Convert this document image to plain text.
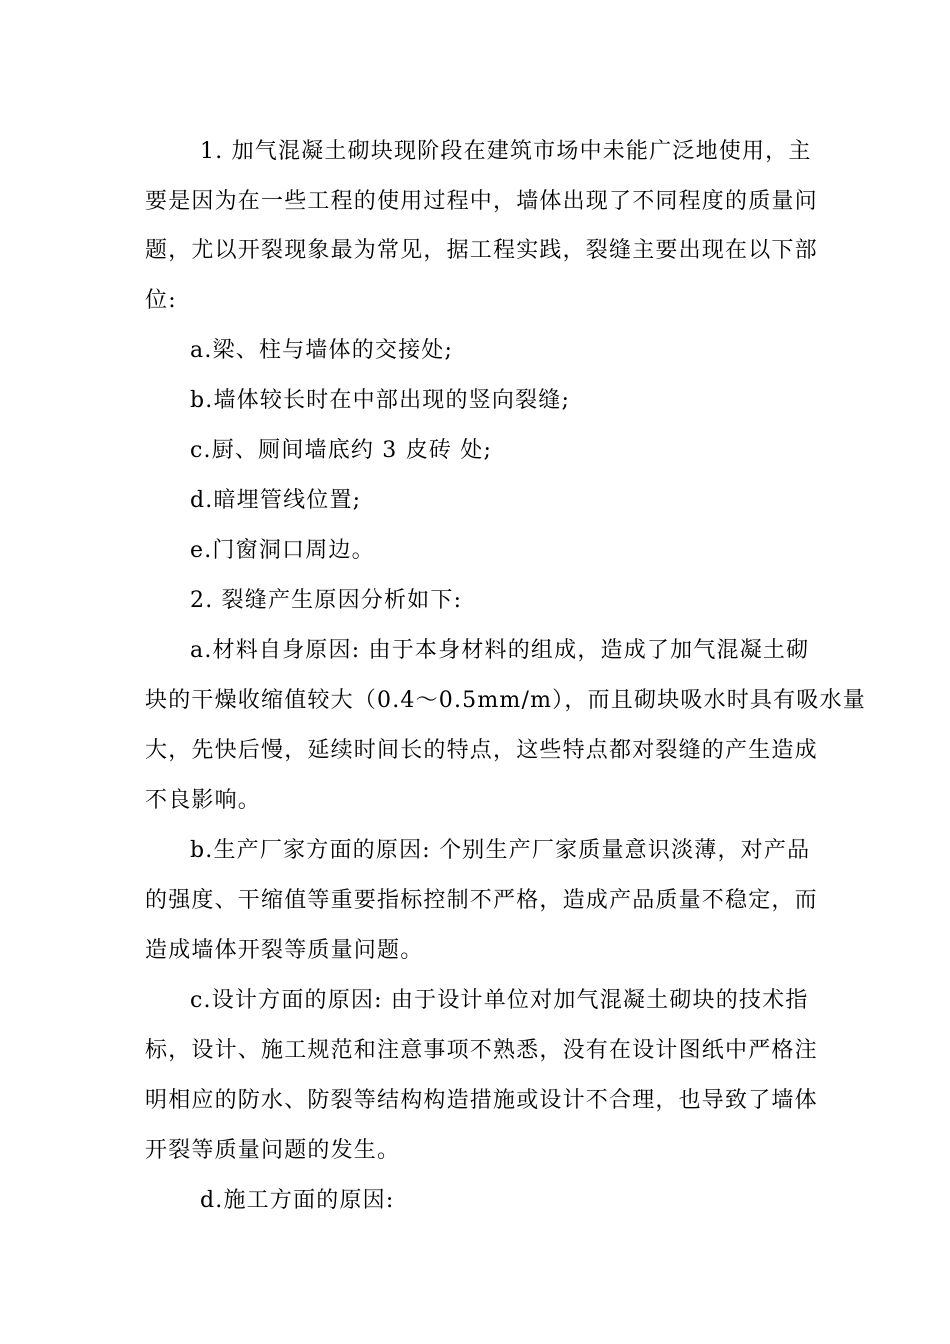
1. 加气混凝土砌块现阶段在建筑市场中未能广泛地使用，主
要是因为在一些工程的使用过程中，墙体出现了不同程度的质量问
题，尤以开裂现象最为常见，据工程实践，裂缝主要出现在以下部
位:
a.梁、柱与墙体的交接处;
b.墙体较长时在中部出现的竖向裂缝;
c.厨、厕间墙底约 3 皮砖 处;
d.暗埋管线位置;
e.门窗洞口周边。
2. 裂缝产生原因分析如下:
a.材料自身原因: 由于本身材料的组成，造成了加气混凝土砌
块的干燥收缩值较大（0.4～0.5mm/m），而且砌块吸水时具有吸水量
大，先快后慢，延续时间长的特点，这些特点都对裂缝的产生造成
不良影响。
b.生产厂家方面的原因: 个别生产厂家质量意识淡薄，对产品
的强度、干缩值等重要指标控制不严格，造成产品质量不稳定，而
造成墙体开裂等质量问题。
c.设计方面的原因: 由于设计单位对加气混凝土砌块的技术指
标，设计、施工规范和注意事项不熟悉，没有在设计图纸中严格注
明相应的防水、防裂等结构构造措施或设计不合理，也导致了墙体
开裂等质量问题的发生。
d.施工方面的原因:
